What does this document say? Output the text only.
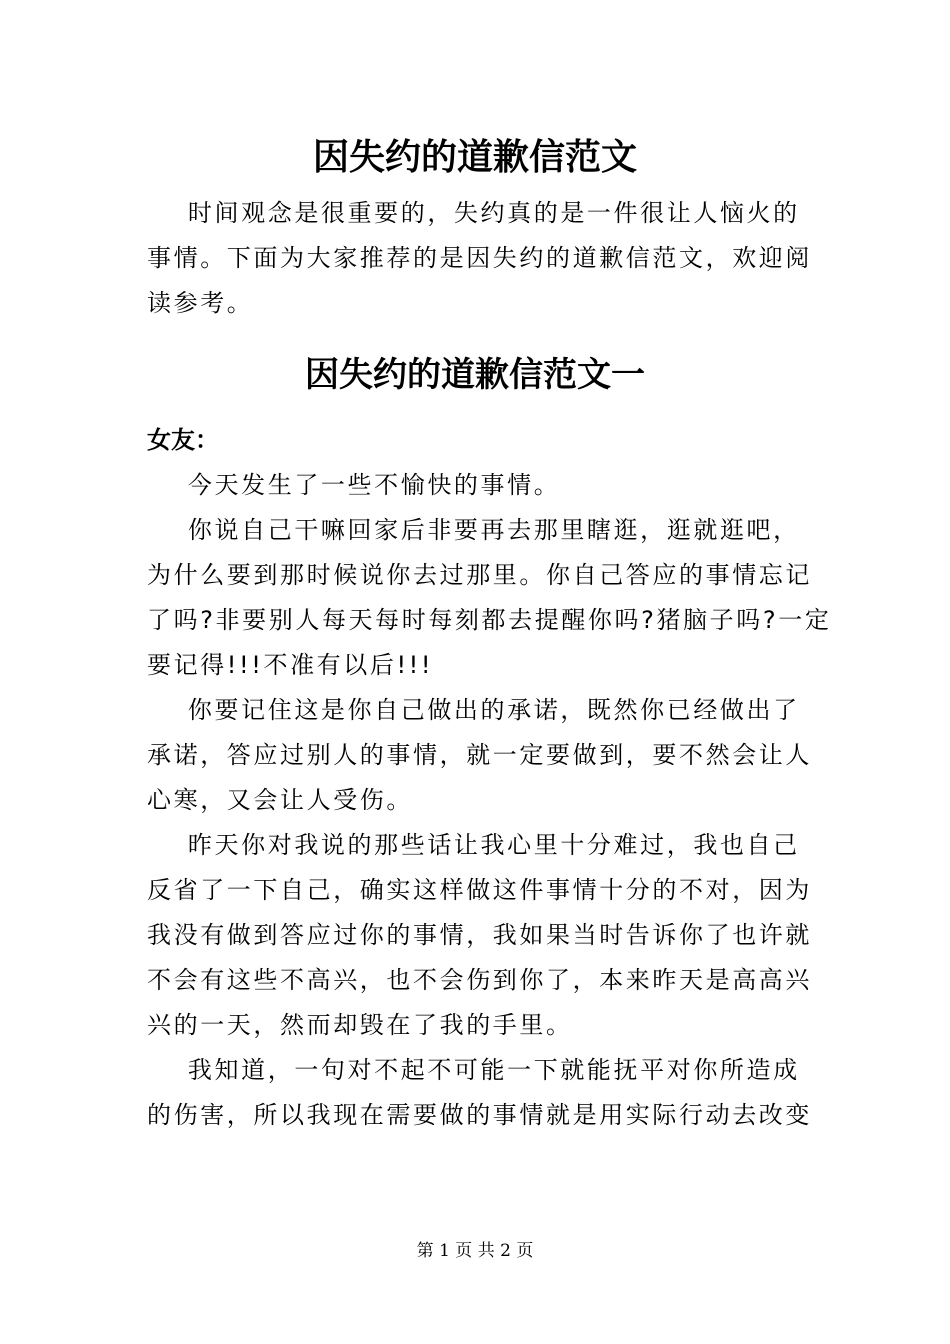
因失约的道歉信范文

时间观念是很重要的，失约真的是一件很让人恼火的
事情。下面为大家推荐的是因失约的道歉信范文，欢迎阅
读参考。

因失约的道歉信范文一

女友：

今天发生了一些不愉快的事情。

你说自己干嘛回家后非要再去那里瞎逛，逛就逛吧，
为什么要到那时候说你去过那里。你自己答应的事情忘记
了吗?非要别人每天每时每刻都去提醒你吗?猪脑子吗?一定
要记得!!!不准有以后!!!

你要记住这是你自己做出的承诺，既然你已经做出了
承诺，答应过别人的事情，就一定要做到，要不然会让人
心寒，又会让人受伤。

昨天你对我说的那些话让我心里十分难过，我也自己
反省了一下自己，确实这样做这件事情十分的不对，因为
我没有做到答应过你的事情，我如果当时告诉你了也许就
不会有这些不高兴，也不会伤到你了，本来昨天是高高兴
兴的一天，然而却毁在了我的手里。

我知道，一句对不起不可能一下就能抚平对你所造成
的伤害，所以我现在需要做的事情就是用实际行动去改变

第 1 页 共 2 页
